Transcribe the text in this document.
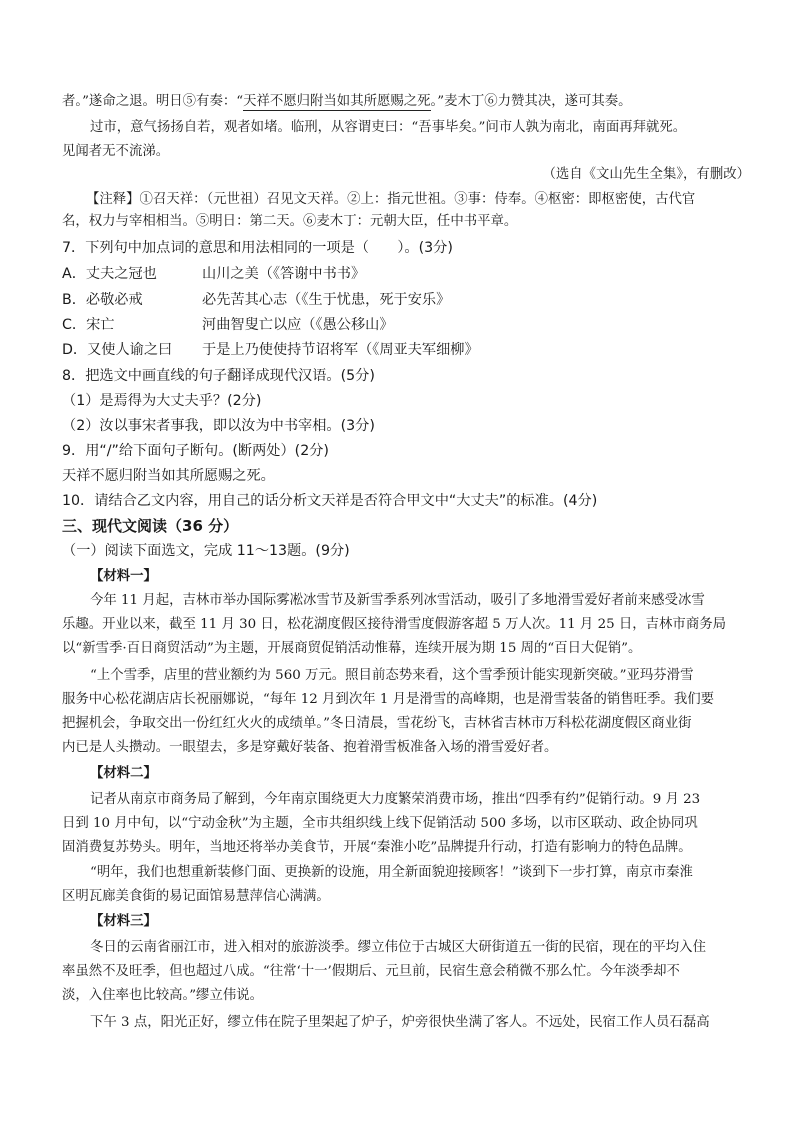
者。”遂命之退。明日⑤有奏：“天祥不愿归附当如其所愿赐之死。”麦木丁⑥力赞其决，遂可其奏。
过市，意气扬扬自若，观者如堵。临刑，从容谓吏曰：“吾事毕矣。”问市人孰为南北，南面再拜就死。
见闻者无不流涕。
（选自《文山先生全集》，有删改）
【注释】①召天祥：（元世祖）召见文天祥。②上：指元世祖。③事：侍奉。④枢密：即枢密使，古代官
名，权力与宰相相当。⑤明日：第二天。⑥麦木丁：元朝大臣，任中书平章。
7．下列句中加点词的意思和用法相同的一项是（　　）。(3分)
A．丈夫之冠也	山川之美（《答谢中书书》
B．必敬必戒	必先苦其心志（《生于忧患，死于安乐》
C．宋亡	河曲智叟亡以应（《愚公移山》
D．又使人谕之曰 于是上乃使使持节诏将军（《周亚夫军细柳》
8．把选文中画直线的句子翻译成现代汉语。(5分)
（1）是焉得为大丈夫乎？(2分)
（2）汝以事宋者事我，即以汝为中书宰相。(3分)
9．用“/”给下面句子断句。(断两处）(2分)
天祥不愿归附当如其所愿赐之死。
10．请结合乙文内容，用自己的话分析文天祥是否符合甲文中“大丈夫”的标准。(4分)
三、现代文阅读（36 分）
（一）阅读下面选文，完成 11～13题。(9分)
【材料一】
今年 11 月起，吉林市举办国际雾凇冰雪节及新雪季系列冰雪活动，吸引了多地滑雪爱好者前来感受冰雪
乐趣。开业以来，截至 11 月 30 日，松花湖度假区接待滑雪度假游客超 5 万人次。11 月 25 日，吉林市商务局
以“新雪季·百日商贸活动”为主题，开展商贸促销活动惟幕，连续开展为期 15 周的“百日大促销”。
“上个雪季，店里的营业额约为 560 万元。照目前态势来看，这个雪季预计能实现新突破。”亚玛芬滑雪
服务中心松花湖店店长祝丽娜说，“每年 12 月到次年 1 月是滑雪的高峰期，也是滑雪装备的销售旺季。我们要
把握机会，争取交出一份红红火火的成绩单。”冬日清晨，雪花纷飞，吉林省吉林市万科松花湖度假区商业街
内已是人头攒动。一眼望去，多是穿戴好装备、抱着滑雪板准备入场的滑雪爱好者。
【材料二】
记者从南京市商务局了解到，今年南京围绕更大力度繁荣消费市场，推出“四季有约”促销行动。9 月 23
日到 10 月中旬，以“宁动金秋”为主题，全市共组织线上线下促销活动 500 多场，以市区联动、政企协同巩
固消费复苏势头。明年，当地还将举办美食节，开展“秦淮小吃”品牌提升行动，打造有影响力的特色品牌。
“明年，我们也想重新装修门面、更换新的设施，用全新面貌迎接顾客！”谈到下一步打算，南京市秦淮
区明瓦廊美食街的易记面馆易慧萍信心满满。
【材料三】
冬日的云南省丽江市，进入相对的旅游淡季。缪立伟位于古城区大研街道五一街的民宿，现在的平均入住
率虽然不及旺季，但也超过八成。“往常‘十一’假期后、元旦前，民宿生意会稍微不那么忙。今年淡季却不
淡，入住率也比较高。”缪立伟说。
下午 3 点，阳光正好，缪立伟在院子里架起了炉子，炉旁很快坐满了客人。不远处，民宿工作人员石磊高
